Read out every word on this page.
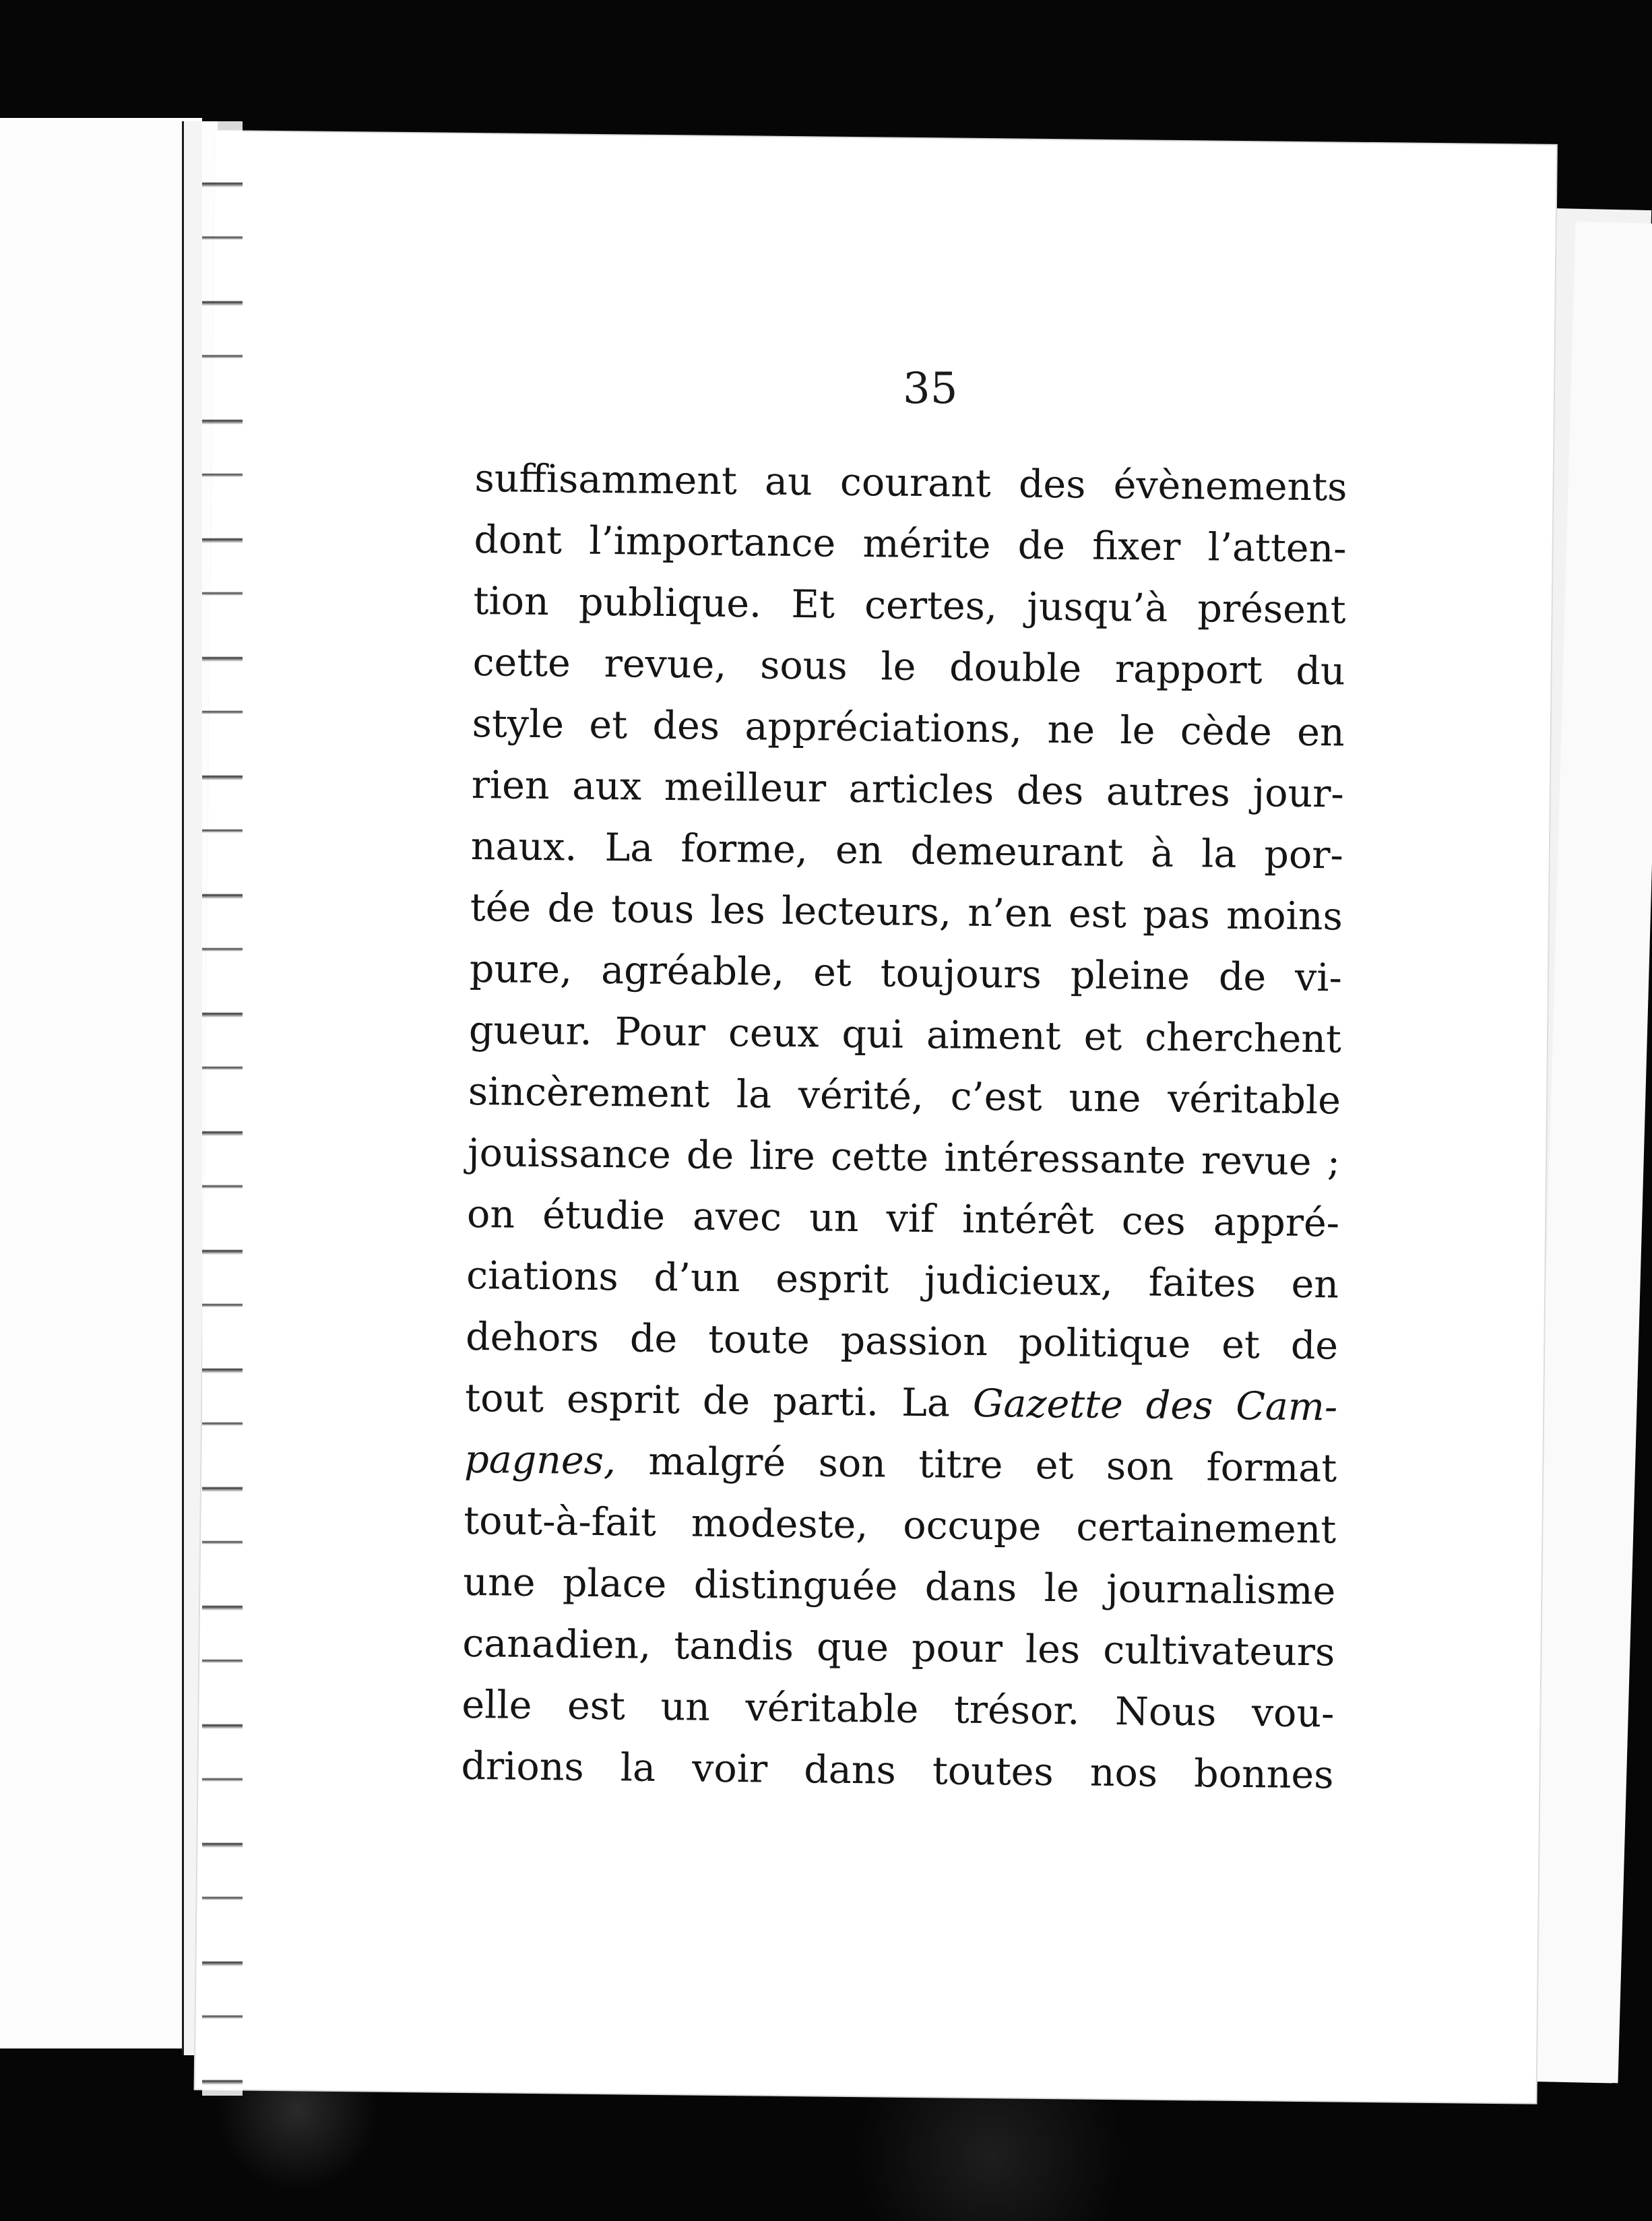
35
suffisamment au courant des évènements
dont l’importance mérite de fixer l’atten-
tion publique. Et certes, jusqu’à présent
cette revue, sous le double rapport du
style et des appréciations, ne le cède en
rien aux meilleur articles des autres jour-
naux. La forme, en demeurant à la por-
tée de tous les lecteurs, n’en est pas moins
pure, agréable, et toujours pleine de vi-
gueur. Pour ceux qui aiment et cherchent
sincèrement la vérité, c’est une véritable
jouissance de lire cette intéressante revue ;
on étudie avec un vif intérêt ces appré-
ciations d’un esprit judicieux, faites en
dehors de toute passion politique et de
tout esprit de parti. La Gazette des Cam-
pagnes, malgré son titre et son format
tout-à-fait modeste, occupe certainement
une place distinguée dans le journalisme
canadien, tandis que pour les cultivateurs
elle est un véritable trésor. Nous vou-
drions la voir dans toutes nos bonnes
